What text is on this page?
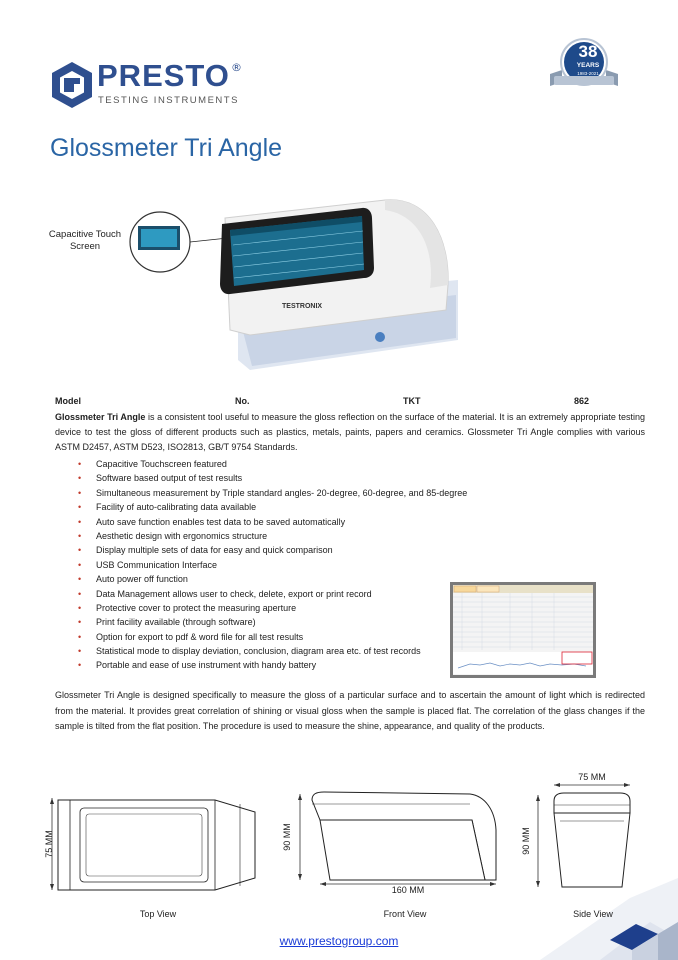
PRESTO ®
TESTING INSTRUMENTS
38
YEARS
1983-2021
Glossmeter Tri Angle
TESTRONIX
Capacitive Touch Screen
Model	No.	TKT	862
Glossmeter Tri Angle is a consistent tool useful to measure the gloss reflection on the surface of the material. It is an extremely appropriate testing device to test the gloss of different products such as plastics, metals, paints, papers and ceramics. Glossmeter Tri Angle complies with various ASTM D2457, ASTM D523, ISO2813, GB/T 9754 Standards.
• Capacitive Touchscreen featured
• Software based output of test results
• Simultaneous measurement by Triple standard angles- 20-degree, 60-degree, and 85-degree
• Facility of auto-calibrating data available
• Auto save function enables test data to be saved automatically
• Aesthetic design with ergonomics structure
• Display multiple sets of data for easy and quick comparison
• USB Communication Interface
• Auto power off function
• Data Management allows user to check, delete, export or print record
• Protective cover to protect the measuring aperture
• Print facility available (through software)
• Option for export to pdf & word file for all test results
• Statistical mode to display deviation, conclusion, diagram area etc. of test records
• Portable and ease of use instrument with handy battery
Glossmeter Tri Angle is designed specifically to measure the gloss of a particular surface and to ascertain the amount of light which is redirected from the material. It provides great correlation of shining or visual gloss when the sample is placed flat. The correlation of the glass changes if the sample is tilted from the flat position. The procedure is used to measure the shine, appearance, and quality of the products.
75 MM	90 MM
160 MM
75 MM
90 MM
Top View	Front View	Side View
www.prestogroup.com
